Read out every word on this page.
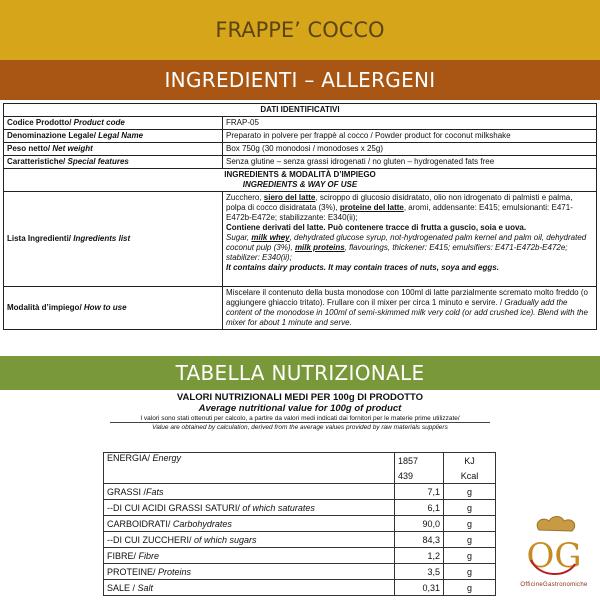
FRAPPE’ COCCO
INGREDIENTI – ALLERGENI
DATI IDENTIFICATIVI	
Codice Prodotto/ Product code	FRAP-05
Denominazione Legale/ Legal Name	Preparato in polvere per frappè al cocco / Powder product for coconut milkshake
Peso netto/ Net weight	Box 750g (30 monodosi / monodoses x 25g)
Caratteristiche/ Special features	Senza glutine – senza grassi idrogenati / no gluten – hydrogenated fats free

INGREDIENTS & MODALITÀ D’IMPIEGO
INGREDIENTS & WAY OF USE	

Lista Ingredienti/ Ingredients list	Zucchero, siero del latte, sciroppo di glucosio disidratato, olio non idrogenato di palmisti e palma, polpa di cocco disidratata (3%), proteine del latte, aromi, addensante: E415; emulsionanti: E471-E472b-E472e; stabilizzante: E340(ii);
Contiene derivati del latte. Può contenere tracce di frutta a guscio, soia e uova.
Sugar, milk whey, dehydrated glucose syrup, not-hydrogenated palm kernel and palm oil, dehydrated coconut pulp (3%), milk proteins, flavourings, thickener: E415; emulsifiers: E471-E472b-E472e; stabilizer: E340(ii);
It contains dairy products. It may contain traces of nuts, soya and eggs.

Modalità d’impiego/ How to use	Miscelare il contenuto della busta monodose con 100ml di latte parzialmente scremato molto freddo (o aggiungere ghiaccio tritato). Frullare con il mixer per circa 1 minuto e servire. / Gradually add the content of the monodose in 100ml of semi-skimmed milk very cold (or add crushed ice). Blend with the mixer for about 1 minute and serve.
TABELLA NUTRIZIONALE
VALORI NUTRIZIONALI MEDI PER 100g DI PRODOTTO
Average nutritional value for 100g of product
I valori sono stati ottenuti per calcolo, a partire da valori medi indicati dai fornitori per le materie prime utilizzate/
Value are obtained by calculation, derived from the average values provided by raw materials suppliers
ENERGIA/ Energy	1857	KJ
	439	Kcal
GRASSI /Fats	7,1	g
--DI CUI ACIDI GRASSI SATURI/ of which saturates	6,1	g
CARBOIDRATI/ Carbohydrates	90,0	g
--DI CUI ZUCCHERI/ of which sugars	84,3	g
FIBRE/ Fibre	1,2	g
PROTEINE/ Proteins	3,5	g
SALE / Salt	0,31	g
OG
OfficineGastronomiche
